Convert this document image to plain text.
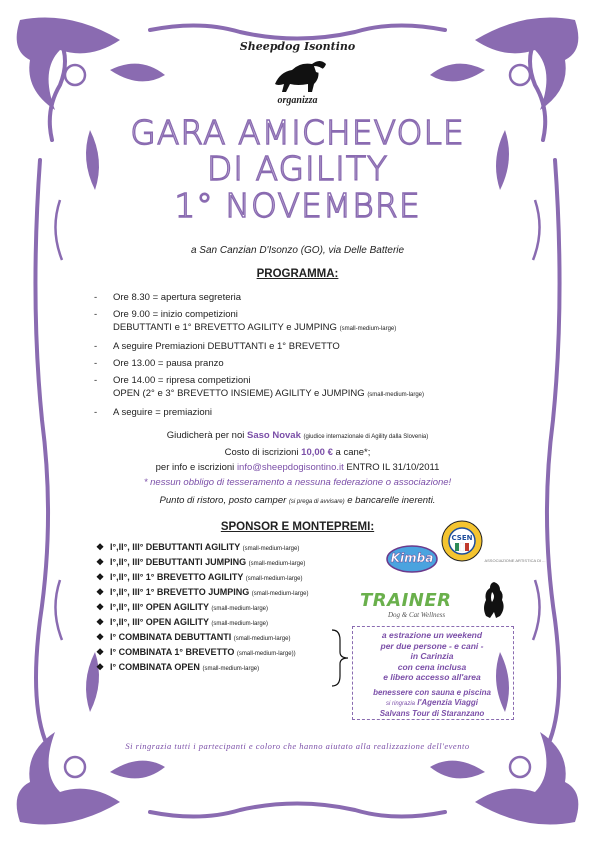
Sheepdog Isontino
organizza
GARA AMICHEVOLE
DI AGILITY
1° NOVEMBRE
a San Canzian D'Isonzo (GO), via Delle Batterie
PROGRAMMA:
- Ore 8.30 = apertura segreteria
- Ore 9.00 = inizio competizioni
DEBUTTANTI e 1° BREVETTO AGILITY e JUMPING (small-medium-large)
- A seguire Premiazioni DEBUTTANTI e 1° BREVETTO
- Ore 13.00 = pausa pranzo
- Ore 14.00 = ripresa competizioni
OPEN (2° e 3° BREVETTO INSIEME) AGILITY e JUMPING (small-medium-large)
- A seguire = premiazioni
Giudicherà per noi Saso Novak (giudice internazionale di Agility dalla Slovenia)
Costo di iscrizioni 10,00 € a cane*;
per info e iscrizioni info@sheepdogisontino.it ENTRO IL 31/10/2011
* nessun obbligo di tesseramento a nessuna federazione o associazione!
Punto di ristoro, posto camper (si prega di avvisare) e bancarelle inerenti.
SPONSOR E MONTEPREMI:
❖ I°,II°, III° DEBUTTANTI AGILITY (small-medium-large)
❖ I°,II°, III° DEBUTTANTI JUMPING (small-medium-large)
❖ I°,II°, III° 1° BREVETTO AGILITY (small-medium-large)
❖ I°,II°, III° 1° BREVETTO JUMPING (small-medium-large)
❖ I°,II°, III° OPEN AGILITY (small-medium-large)
❖ I°,II°, III° OPEN AGILITY (small-medium-large)
❖ I° COMBINATA DEBUTTANTI (small-medium-large)
❖ I° COMBINATA 1° BREVETTO (small-medium-large))
❖ I° COMBINATA OPEN (small-medium-large)
Kimba
CSEN
ASSOCIAZIONE ARTISTICA DI ...
TRAINER
Dog & Cat Wellness
a estrazione un weekend
per due persone - e cani -
in Carinzia
con cena inclusa
e libero accesso all'area
benessere con sauna e piscina
si ringrazia l'Agenzia Viaggi
Salvans Tour di Staranzano
Si ringrazia tutti i partecipanti e coloro che hanno aiutato alla realizzazione dell'evento
